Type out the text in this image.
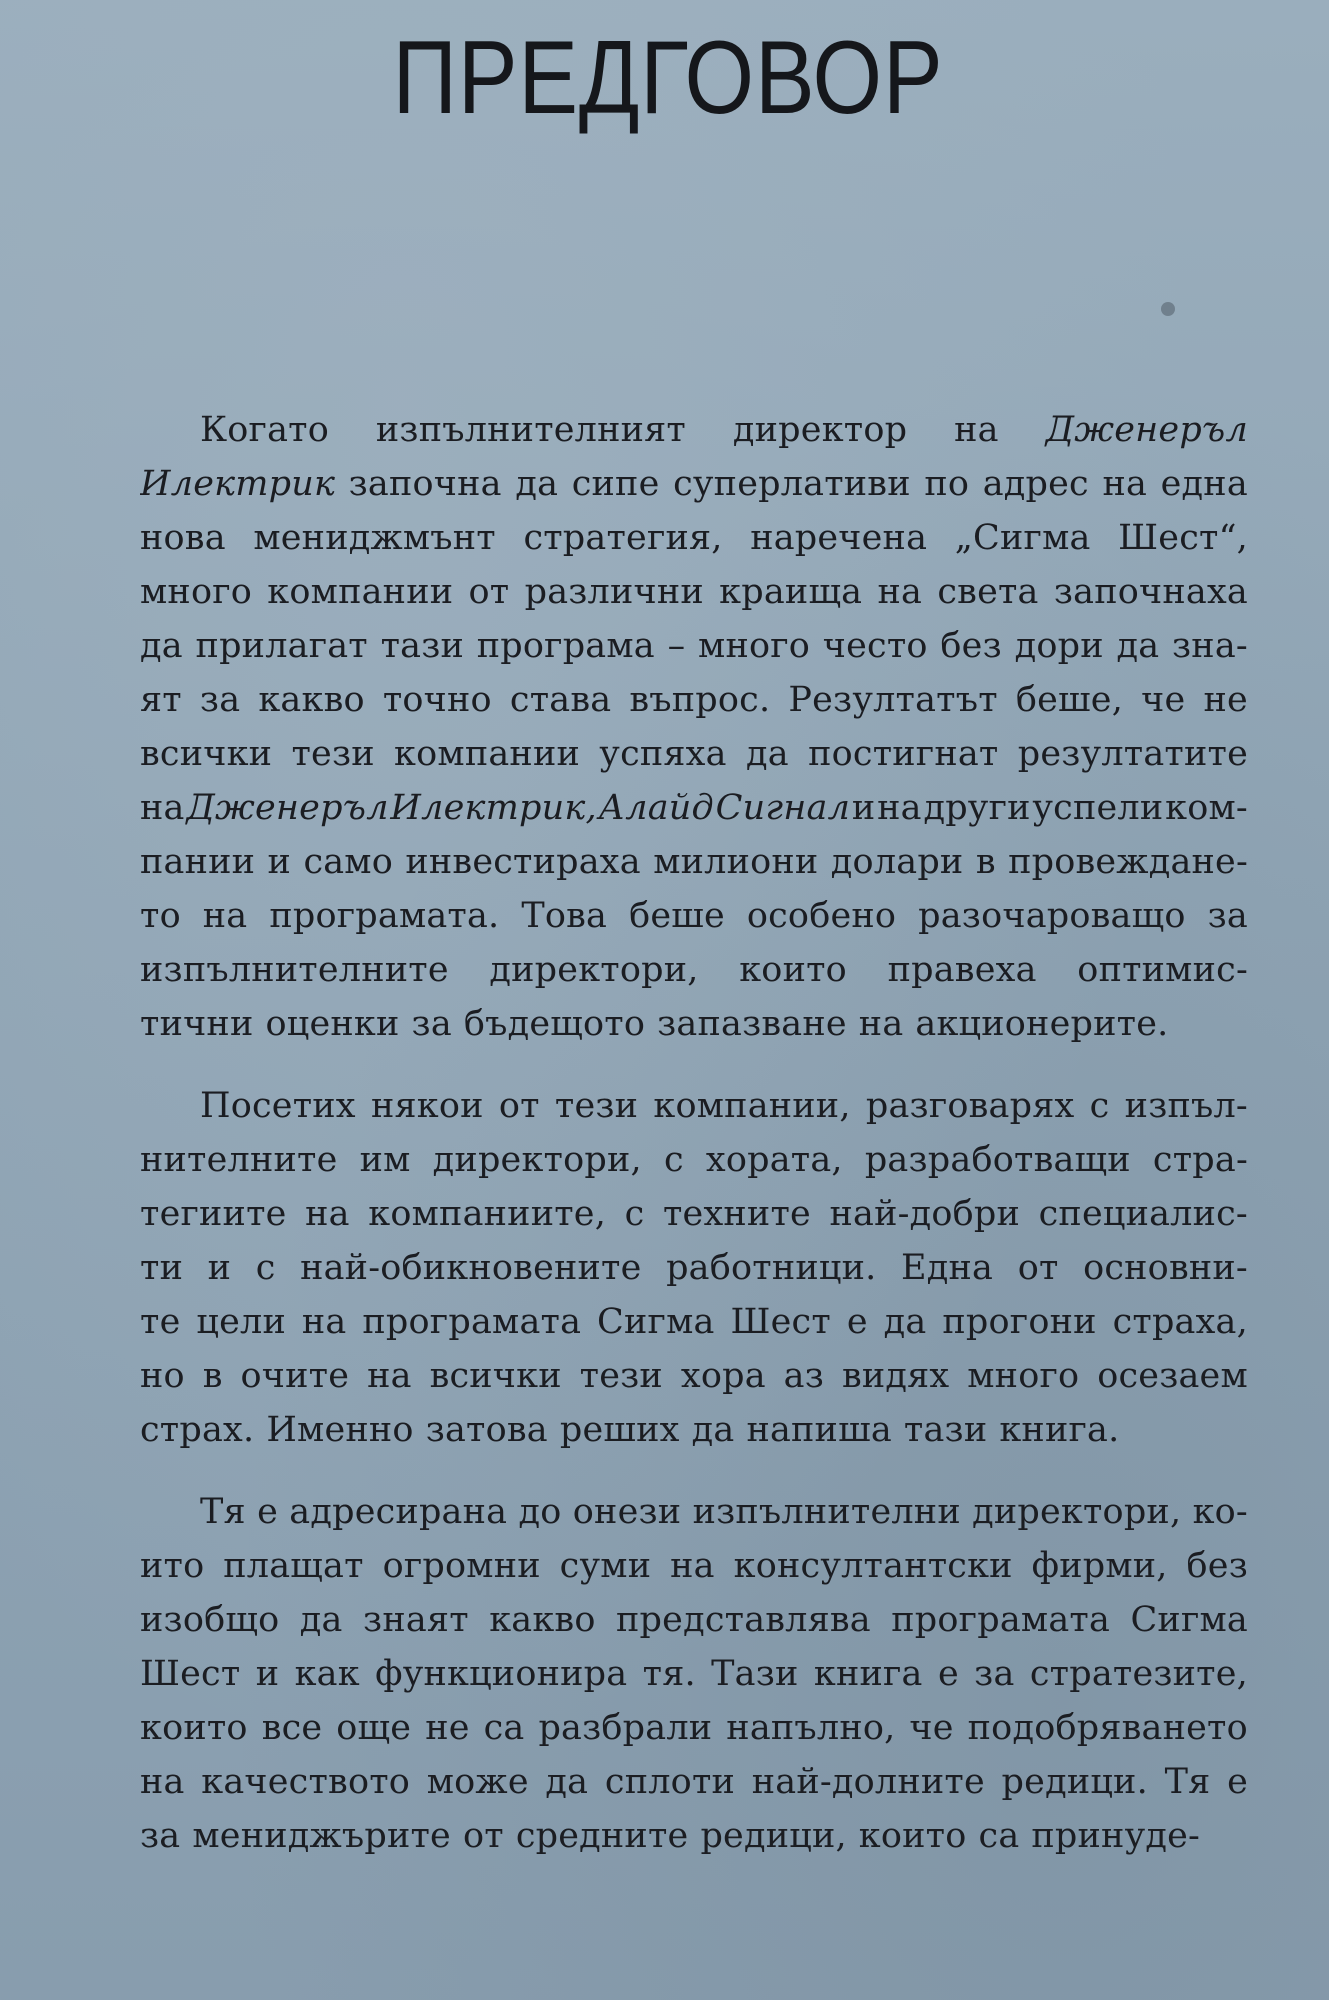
ПРЕДГОВОР
Когато изпълнителният директор на Дженеръл
Илектрик започна да сипе суперлативи по адрес на една
нова мениджмънт стратегия, наречена „Сигма Шест“,
много компании от различни краища на света започнаха
да прилагат тази програма – много често без дори да зна-
ят за какво точно става въпрос. Резултатът беше, че не
всички тези компании успяха да постигнат резултатите
на Дженеръл Илектрик, Алайд Сигнал и на други успели ком-
пании и само инвестираха милиони долари в провеждане-
то на програмата. Това беше особено разочароващо за
изпълнителните директори, които правеха оптимис-
тични оценки за бъдещото запазване на акционерите.
Посетих някои от тези компании, разговарях с изпъл-
нителните им директори, с хората, разработващи стра-
тегиите на компаниите, с техните най-добри специалис-
ти и с най-обикновените работници. Една от основни-
те цели на програмата Сигма Шест е да прогони страха,
но в очите на всички тези хора аз видях много осезаем
страх. Именно затова реших да напиша тази книга.
Тя е адресирана до онези изпълнителни директори, ко-
ито плащат огромни суми на консултантски фирми, без
изобщо да знаят какво представлява програмата Сигма
Шест и как функционира тя. Тази книга е за стратезите,
които все още не са разбрали напълно, че подобряването
на качеството може да сплоти най-долните редици. Тя е
за мениджърите от средните редици, които са принуде-
